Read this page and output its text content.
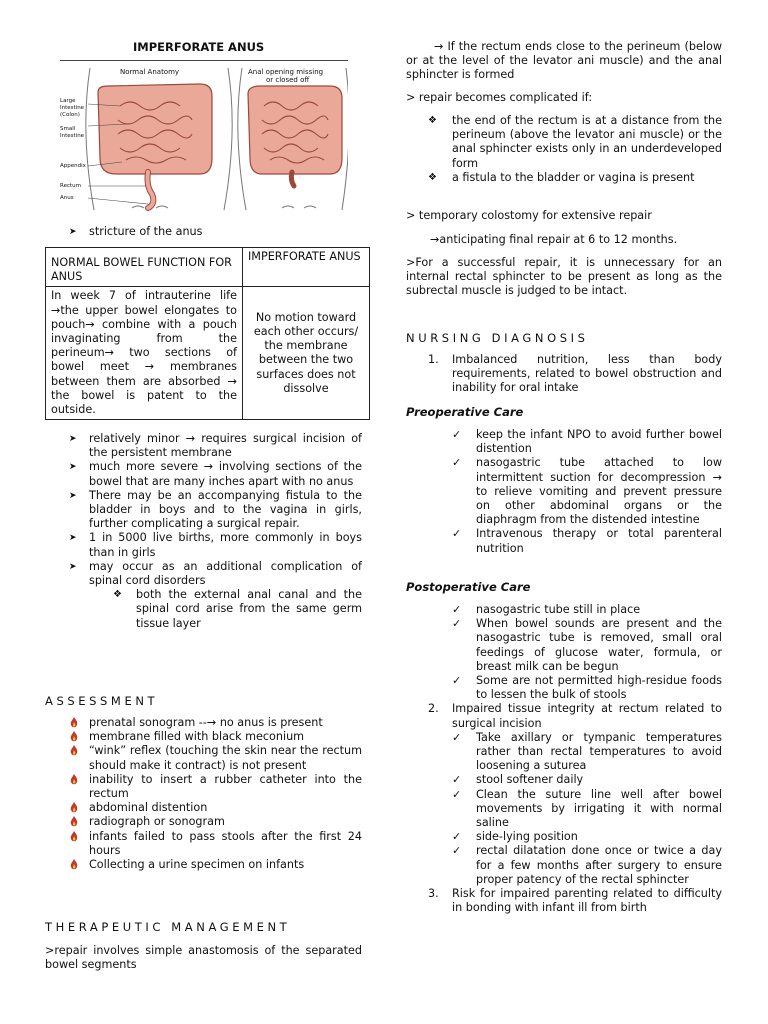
IMPERFORATE ANUS
Normal Anatomy	Anal opening missing
or closed off
Large
Intestine
(Colon)
Small
Intestine
Appendix
Rectum
Anus
➤ stricture of the anus
NORMAL BOWEL FUNCTION FOR ANUS	IMPERFORATE ANUS
In week 7 of intrauterine life →the upper bowel elongates to pouch→ combine with a pouch invaginating from the perineum→ two sections of bowel meet → membranes between them are absorbed → the bowel is patent to the outside.	No motion toward each other occurs/ the membrane between the two surfaces does not dissolve
➤ relatively minor → requires surgical incision of the persistent membrane
➤ much more severe → involving sections of the bowel that are many inches apart with no anus
➤ There may be an accompanying fistula to the bladder in boys and to the vagina in girls, further complicating a surgical repair.
➤ 1 in 5000 live births, more commonly in boys than in girls
➤ may occur as an additional complication of spinal cord disorders
❖ both the external anal canal and the spinal cord arise from the same germ tissue layer
ASSESSMENT
prenatal sonogram --→ no anus is present
membrane filled with black meconium
“wink” reflex (touching the skin near the rectum should make it contract) is not present
inability to insert a rubber catheter into the rectum
abdominal distention
radiograph or sonogram
infants failed to pass stools after the first 24 hours
Collecting a urine specimen on infants
THERAPEUTIC MANAGEMENT
>repair involves simple anastomosis of the separated bowel segments
→ If the rectum ends close to the perineum (below or at the level of the levator ani muscle) and the anal sphincter is formed
> repair becomes complicated if:
❖ the end of the rectum is at a distance from the perineum (above the levator ani muscle) or the anal sphincter exists only in an underdeveloped form
❖ a fistula to the bladder or vagina is present
> temporary colostomy for extensive repair
→anticipating final repair at 6 to 12 months.
>For a successful repair, it is unnecessary for an internal rectal sphincter to be present as long as the subrectal muscle is judged to be intact.
NURSING DIAGNOSIS
1. Imbalanced nutrition, less than body requirements, related to bowel obstruction and inability for oral intake
Preoperative Care
✓ keep the infant NPO to avoid further bowel distention
✓ nasogastric tube attached to low intermittent suction for decompression → to relieve vomiting and prevent pressure on other abdominal organs or the diaphragm from the distended intestine
✓ Intravenous therapy or total parenteral nutrition
Postoperative Care
✓ nasogastric tube still in place
✓ When bowel sounds are present and the nasogastric tube is removed, small oral feedings of glucose water, formula, or breast milk can be begun
✓ Some are not permitted high-residue foods to lessen the bulk of stools
2. Impaired tissue integrity at rectum related to surgical incision
✓ Take axillary or tympanic temperatures rather than rectal temperatures to avoid loosening a suturea
✓ stool softener daily
✓ Clean the suture line well after bowel movements by irrigating it with normal saline
✓ side-lying position
✓ rectal dilatation done once or twice a day for a few months after surgery to ensure proper patency of the rectal sphincter
3. Risk for impaired parenting related to difficulty in bonding with infant ill from birth
